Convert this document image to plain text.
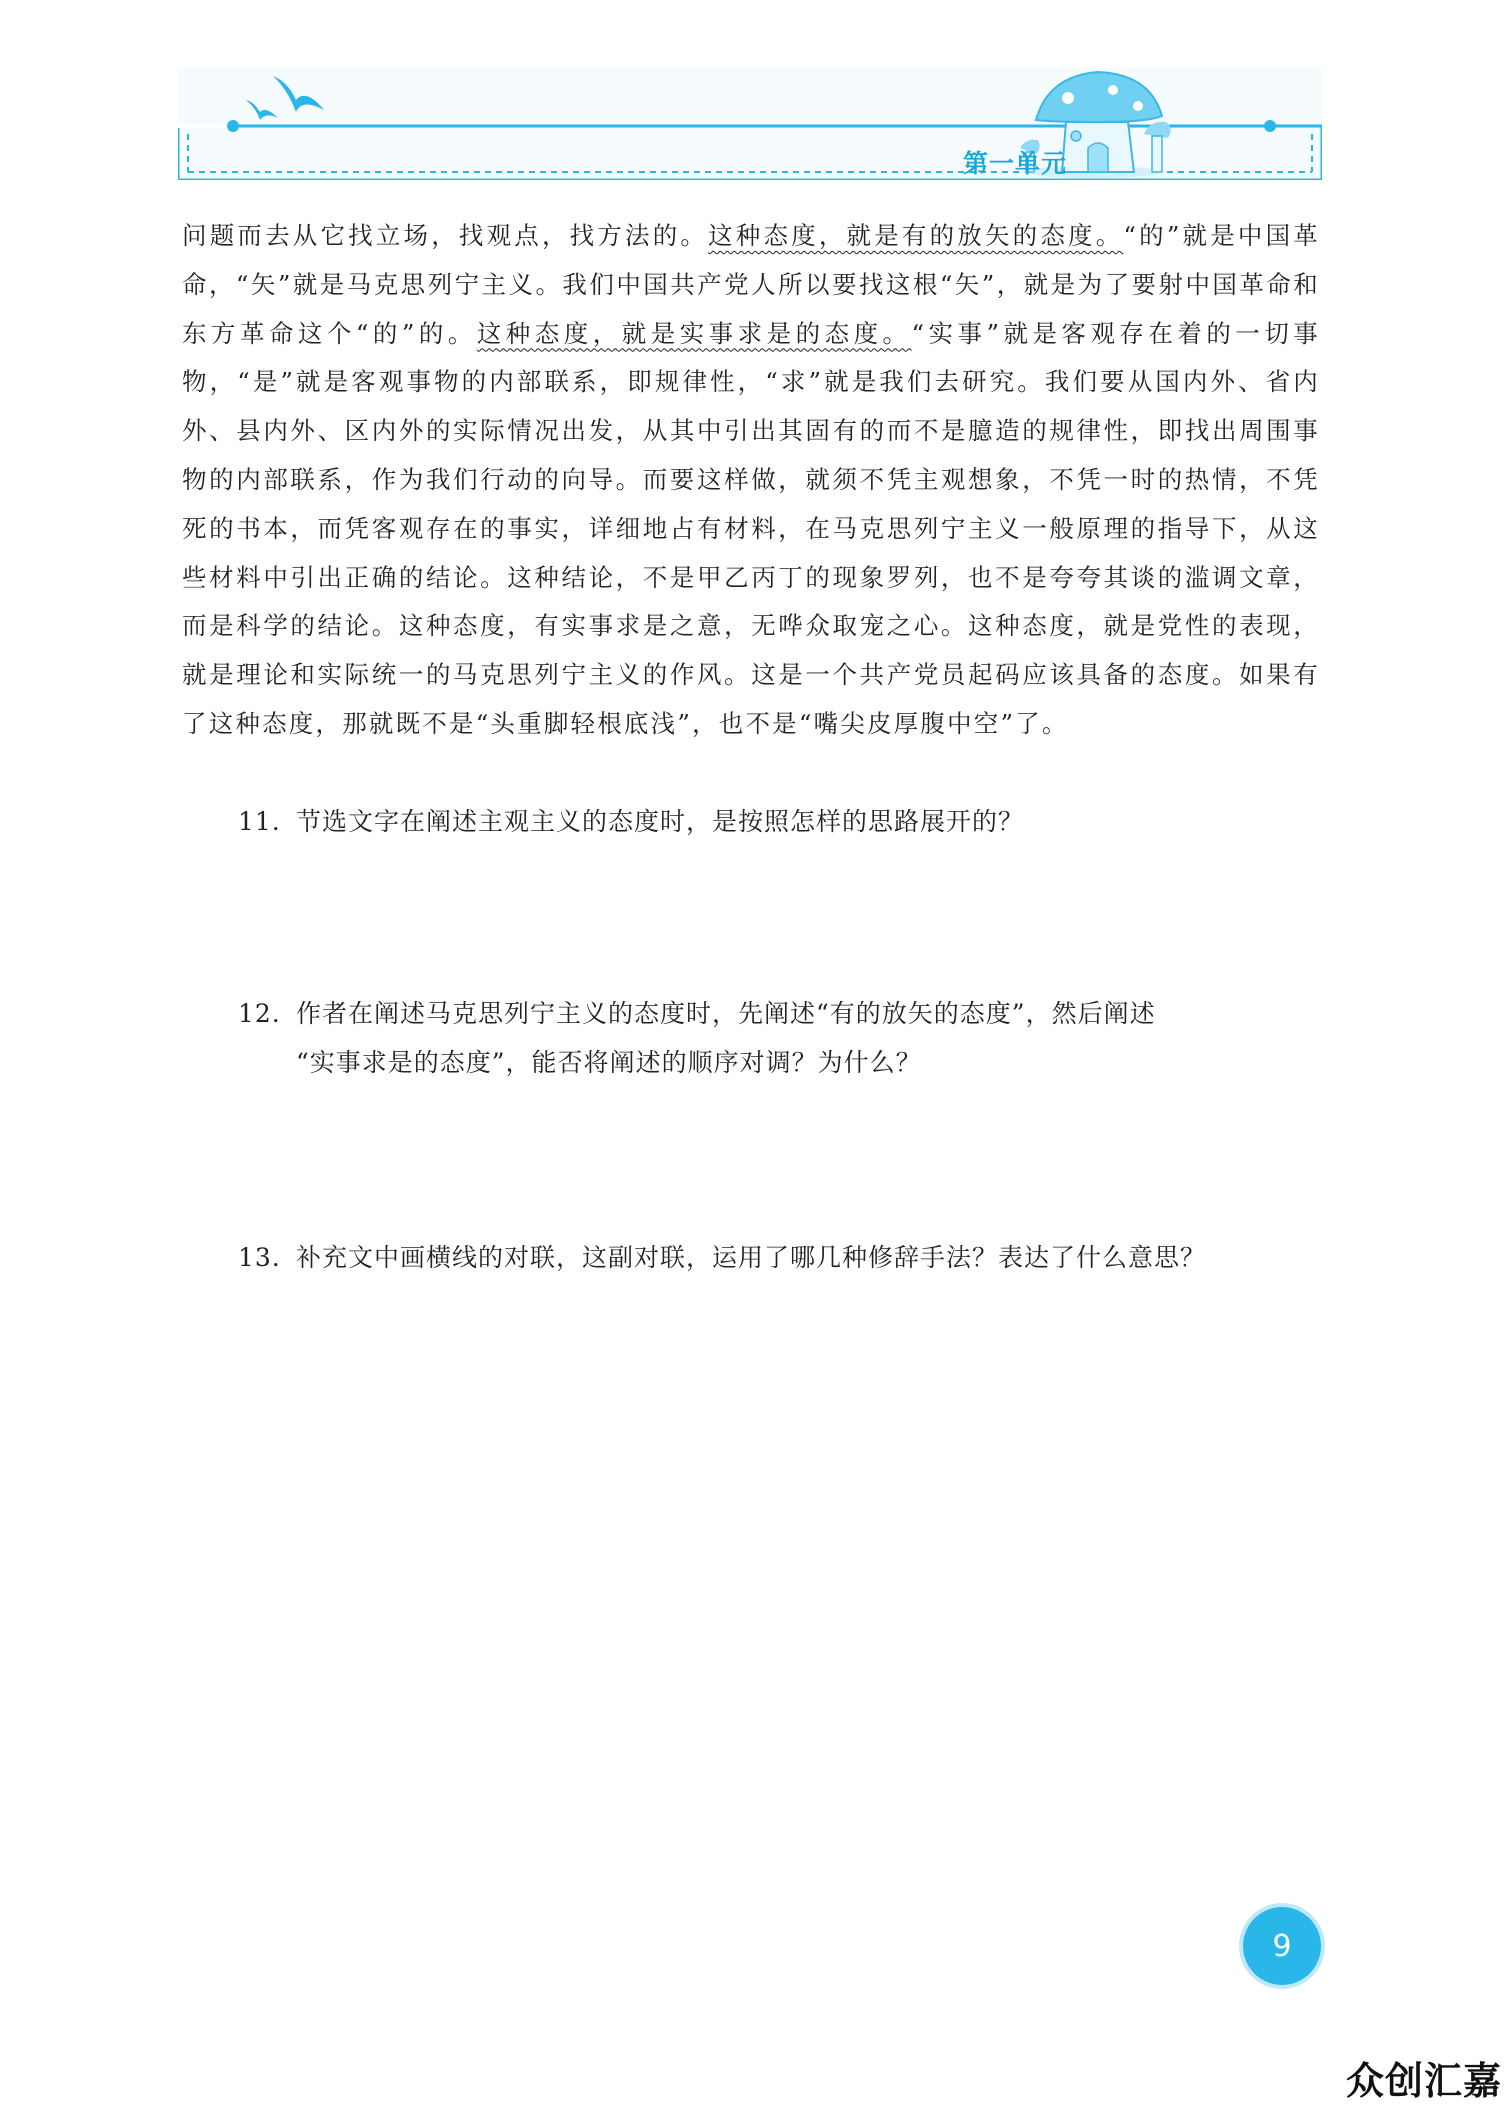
第一单元

问题而去从它找立场，找观点，找方法的。这种态度，就是有的放矢的态度。“的”就是中国革命，“矢”就是马克思列宁主义。我们中国共产党人所以要找这根“矢”，就是为了要射中国革命和东方革命这个“的”的。这种态度，就是实事求是的态度。“实事”就是客观存在着的一切事物，“是”就是客观事物的内部联系，即规律性，“求”就是我们去研究。我们要从国内外、省内外、县内外、区内外的实际情况出发，从其中引出其固有的而不是臆造的规律性，即找出周围事物的内部联系，作为我们行动的向导。而要这样做，就须不凭主观想象，不凭一时的热情，不凭死的书本，而凭客观存在的事实，详细地占有材料，在马克思列宁主义一般原理的指导下，从这些材料中引出正确的结论。这种结论，不是甲乙丙丁的现象罗列，也不是夸夸其谈的滥调文章，而是科学的结论。这种态度，有实事求是之意，无哗众取宠之心。这种态度，就是党性的表现，就是理论和实际统一的马克思列宁主义的作风。这是一个共产党员起码应该具备的态度。如果有了这种态度，那就既不是“头重脚轻根底浅”，也不是“嘴尖皮厚腹中空”了。

11. 节选文字在阐述主观主义的态度时，是按照怎样的思路展开的？

12. 作者在阐述马克思列宁主义的态度时，先阐述“有的放矢的态度”，然后阐述
“实事求是的态度”，能否将阐述的顺序对调？为什么？

13. 补充文中画横线的对联，这副对联，运用了哪几种修辞手法？表达了什么意思？

9
众创汇嘉
